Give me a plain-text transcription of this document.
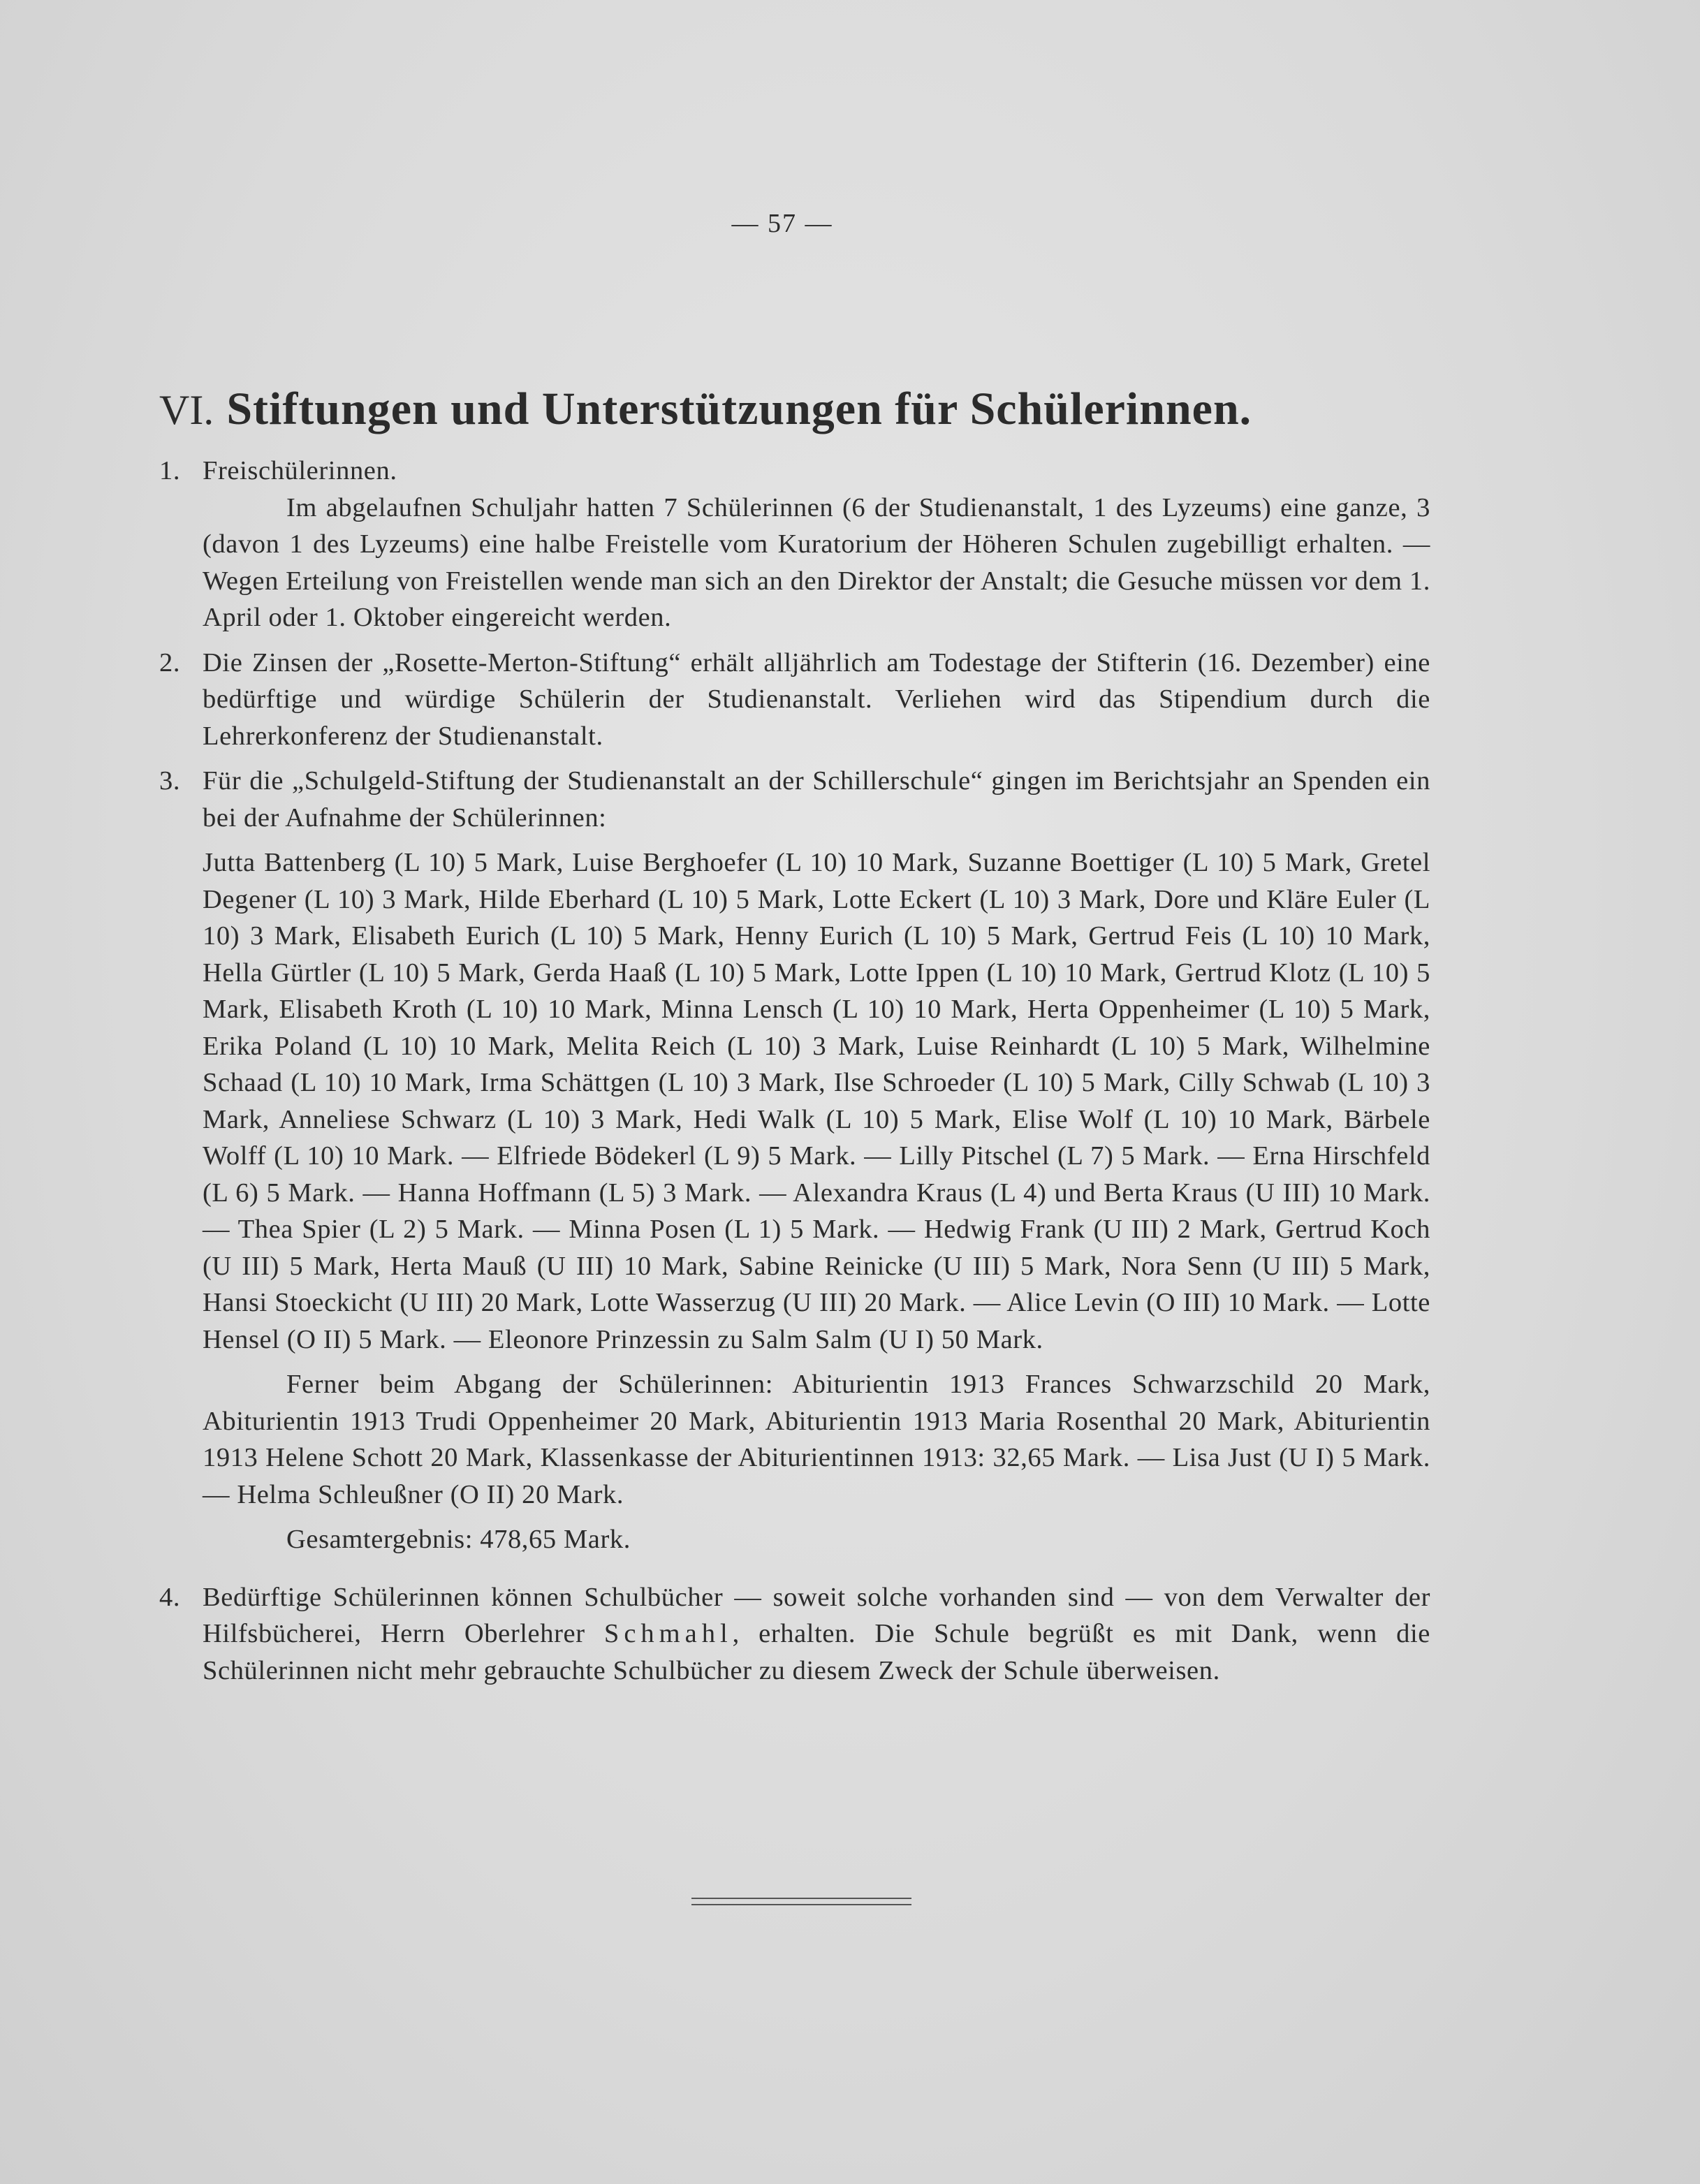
— 57 —
VI. Stiftungen und Unterstützungen für Schülerinnen.
1. Freischülerinnen.

Im abgelaufnen Schuljahr hatten 7 Schülerinnen (6 der Studienanstalt, 1 des Lyzeums) eine ganze, 3 (davon 1 des Lyzeums) eine halbe Freistelle vom Kuratorium der Höheren Schulen zugebilligt erhalten. — Wegen Erteilung von Freistellen wende man sich an den Direktor der Anstalt; die Gesuche müssen vor dem 1. April oder 1. Oktober eingereicht werden.

2. Die Zinsen der „Rosette-Merton-Stiftung“ erhält alljährlich am Todestage der Stifterin (16. Dezember) eine bedürftige und würdige Schülerin der Studienanstalt. Verliehen wird das Stipendium durch die Lehrerkonferenz der Studienanstalt.

3. Für die „Schulgeld-Stiftung der Studienanstalt an der Schillerschule“ gingen im Berichtsjahr an Spenden ein bei der Aufnahme der Schülerinnen:

Jutta Battenberg (L 10) 5 Mark, Luise Berghoefer (L 10) 10 Mark, Suzanne Boettiger (L 10) 5 Mark, Gretel Degener (L 10) 3 Mark, Hilde Eberhard (L 10) 5 Mark, Lotte Eckert (L 10) 3 Mark, Dore und Kläre Euler (L 10) 3 Mark, Elisabeth Eurich (L 10) 5 Mark, Henny Eurich (L 10) 5 Mark, Gertrud Feis (L 10) 10 Mark, Hella Gürtler (L 10) 5 Mark, Gerda Haaß (L 10) 5 Mark, Lotte Ippen (L 10) 10 Mark, Gertrud Klotz (L 10) 5 Mark, Elisabeth Kroth (L 10) 10 Mark, Minna Lensch (L 10) 10 Mark, Herta Oppenheimer (L 10) 5 Mark, Erika Poland (L 10) 10 Mark, Melita Reich (L 10) 3 Mark, Luise Reinhardt (L 10) 5 Mark, Wilhelmine Schaad (L 10) 10 Mark, Irma Schättgen (L 10) 3 Mark, Ilse Schroeder (L 10) 5 Mark, Cilly Schwab (L 10) 3 Mark, Anneliese Schwarz (L 10) 3 Mark, Hedi Walk (L 10) 5 Mark, Elise Wolf (L 10) 10 Mark, Bärbele Wolff (L 10) 10 Mark. — Elfriede Bödekerl (L 9) 5 Mark. — Lilly Pitschel (L 7) 5 Mark. — Erna Hirschfeld (L 6) 5 Mark. — Hanna Hoffmann (L 5) 3 Mark. — Alexandra Kraus (L 4) und Berta Kraus (U III) 10 Mark. — Thea Spier (L 2) 5 Mark. — Minna Posen (L 1) 5 Mark. — Hedwig Frank (U III) 2 Mark, Gertrud Koch (U III) 5 Mark, Herta Mauß (U III) 10 Mark, Sabine Reinicke (U III) 5 Mark, Nora Senn (U III) 5 Mark, Hansi Stoeckicht (U III) 20 Mark, Lotte Wasserzug (U III) 20 Mark. — Alice Levin (O III) 10 Mark. — Lotte Hensel (O II) 5 Mark. — Eleonore Prinzessin zu Salm Salm (U I) 50 Mark.

Ferner beim Abgang der Schülerinnen: Abiturientin 1913 Frances Schwarzschild 20 Mark, Abiturientin 1913 Trudi Oppenheimer 20 Mark, Abiturientin 1913 Maria Rosenthal 20 Mark, Abiturientin 1913 Helene Schott 20 Mark, Klassenkasse der Abiturientinnen 1913: 32,65 Mark. — Lisa Just (U I) 5 Mark. — Helma Schleußner (O II) 20 Mark.

Gesamtergebnis: 478,65 Mark.

4. Bedürftige Schülerinnen können Schulbücher — soweit solche vorhanden sind — von dem Verwalter der Hilfsbücherei, Herrn Oberlehrer Schmahl, erhalten. Die Schule begrüßt es mit Dank, wenn die Schülerinnen nicht mehr gebrauchte Schulbücher zu diesem Zweck der Schule überweisen.
